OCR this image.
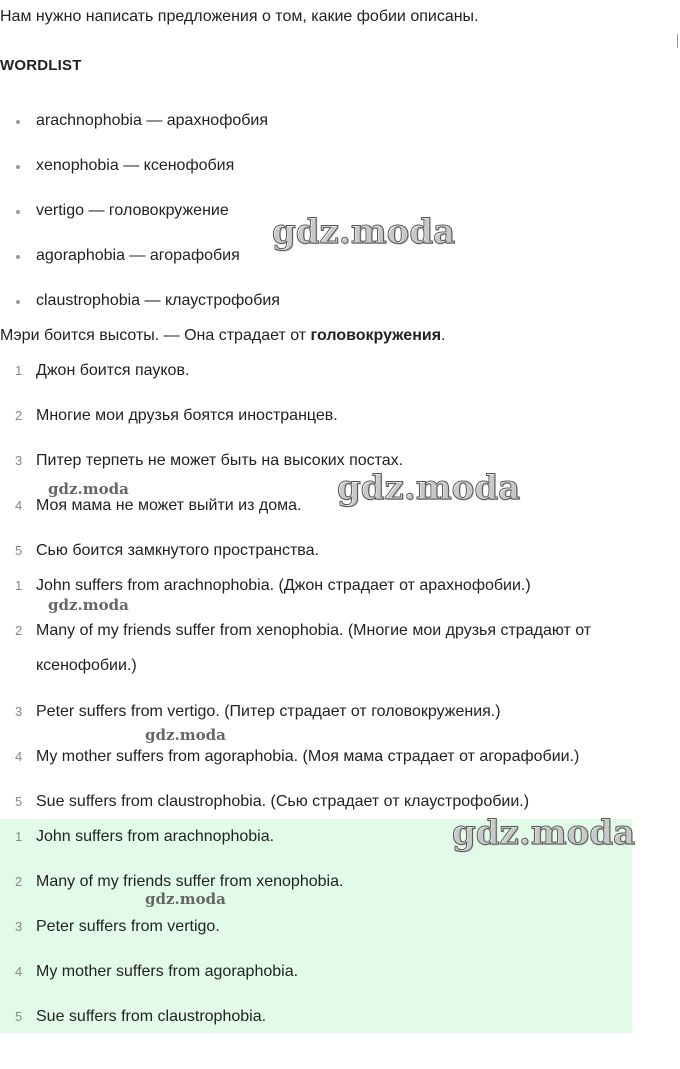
Нам нужно написать предложения о том, какие фобии описаны.
WORDLIST
arachnophobia — арахнофобия
xenophobia — ксенофобия
vertigo — головокружение
agoraphobia — агорафобия
claustrophobia — клаустрофобия
Мэри боится высоты. — Она страдает от головокружения.
1 Джон боится пауков.
2 Многие мои друзья боятся иностранцев.
3 Питер терпеть не может быть на высоких постах.
4 Моя мама не может выйти из дома.
5 Сью боится замкнутого пространства.
1 John suffers from arachnophobia. (Джон страдает от арахнофобии.)
2 Many of my friends suffer from xenophobia. (Многие мои друзья страдают от
ксенофобии.)
3 Peter suffers from vertigo. (Питер страдает от головокружения.)
4 My mother suffers from agoraphobia. (Моя мама страдает от агорафобии.)
5 Sue suffers from claustrophobia. (Сью страдает от клаустрофобии.)
1 John suffers from arachnophobia.
2 Many of my friends suffer from xenophobia.
3 Peter suffers from vertigo.
4 My mother suffers from agoraphobia.
5 Sue suffers from claustrophobia.
gdz.moda
gdz.moda
gdz.moda
gdz.moda
gdz.moda
gdz.moda
gdz.moda
